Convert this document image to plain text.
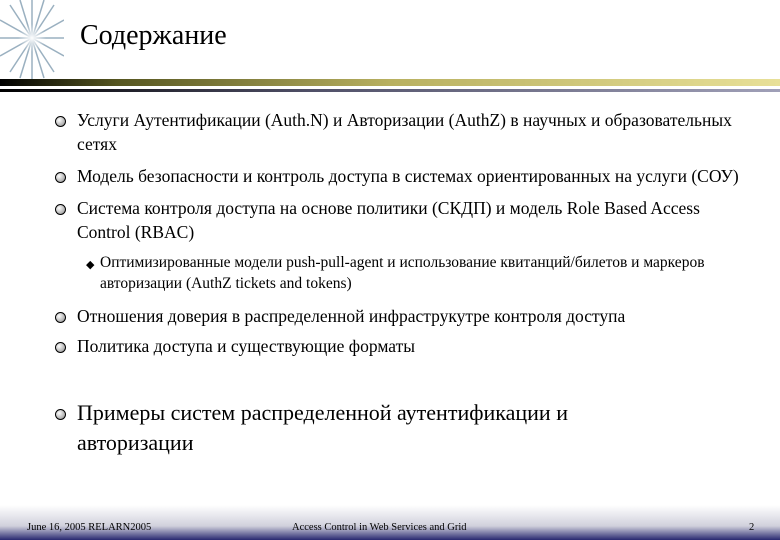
Содержание
Услуги Аутентификации (Auth.N) и Авторизации (AuthZ) в научных и образовательных сетях
Модель безопасности и контроль доступа в системах ориентированных на услуги (СОУ)
Система контроля доступа на основе политики (СКДП) и модель Role Based Access Control (RBAC)
◆ Оптимизированные модели push-pull-agent и использование квитанций/билетов и маркеров авторизации (AuthZ tickets and tokens)
Отношения доверия в распределенной инфраструкутре контроля доступа
Политика доступа и существующие форматы
Примеры систем распределенной аутентификации и авторизации
June 16, 2005 RELARN2005	Access Control in Web Services and Grid	2
